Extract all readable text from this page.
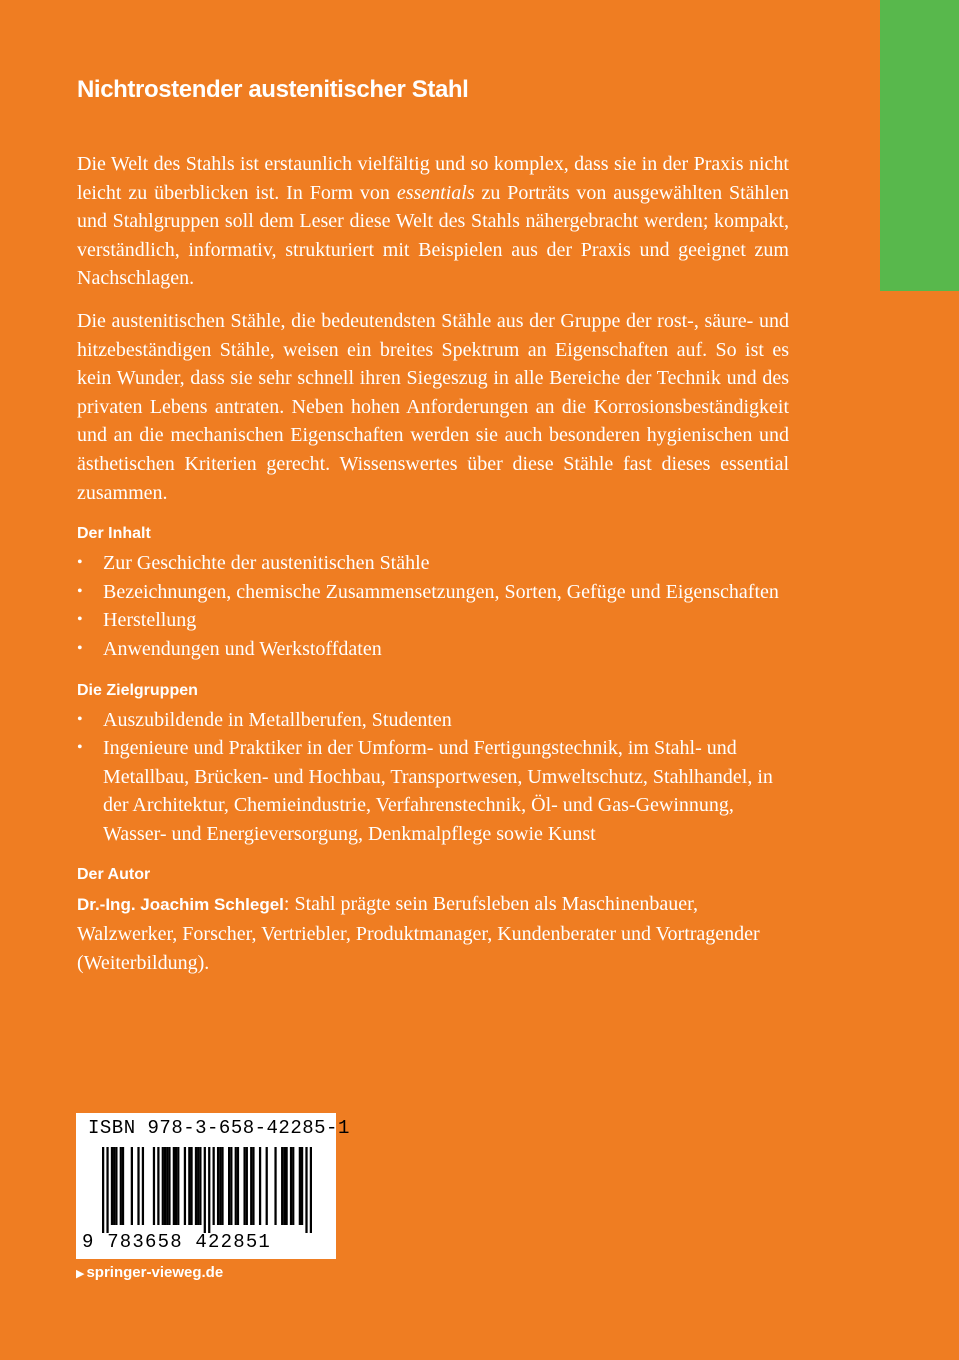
Nichtrostender austenitischer Stahl

Die Welt des Stahls ist erstaunlich vielfältig und so komplex, dass sie in der Praxis nicht leicht zu überblicken ist. In Form von essentials zu Porträts von ausgewählten Stählen und Stahlgruppen soll dem Leser diese Welt des Stahls nähergebracht werden; kompakt, verständlich, informativ, strukturiert mit Beispielen aus der Praxis und geeignet zum Nachschlagen.

Die austenitischen Stähle, die bedeutendsten Stähle aus der Gruppe der rost-, säure- und hitzebeständigen Stähle, weisen ein breites Spektrum an Eigenschaften auf. So ist es kein Wunder, dass sie sehr schnell ihren Siegeszug in alle Bereiche der Technik und des privaten Lebens antraten. Neben hohen Anforderungen an die Korrosionsbeständigkeit und an die mechanischen Eigenschaften werden sie auch besonderen hygienischen und ästhetischen Kriterien gerecht. Wissenswertes über diese Stähle fast dieses essential zusammen.

Der Inhalt
• Zur Geschichte der austenitischen Stähle
• Bezeichnungen, chemische Zusammensetzungen, Sorten, Gefüge und Eigenschaften
• Herstellung
• Anwendungen und Werkstoffdaten
Die Zielgruppen
• Auszubildende in Metallberufen, Studenten
• Ingenieure und Praktiker in der Umform- und Fertigungstechnik, im Stahl- und Metallbau, Brücken- und Hochbau, Transportwesen, Umweltschutz, Stahlhandel, in der Architektur, Chemieindustrie, Verfahrenstechnik, Öl- und Gas-Gewinnung, Wasser- und Energieversorgung, Denkmalpflege sowie Kunst
Der Autor

Dr.-Ing. Joachim Schlegel: Stahl prägte sein Berufsleben als Maschinenbauer, Walzwerker, Forscher, Vertriebler, Produktmanager, Kundenberater und Vortragender (Weiterbildung).

ISBN 978-3-658-42285-1
9 783658 422851
▶ springer-vieweg.de
